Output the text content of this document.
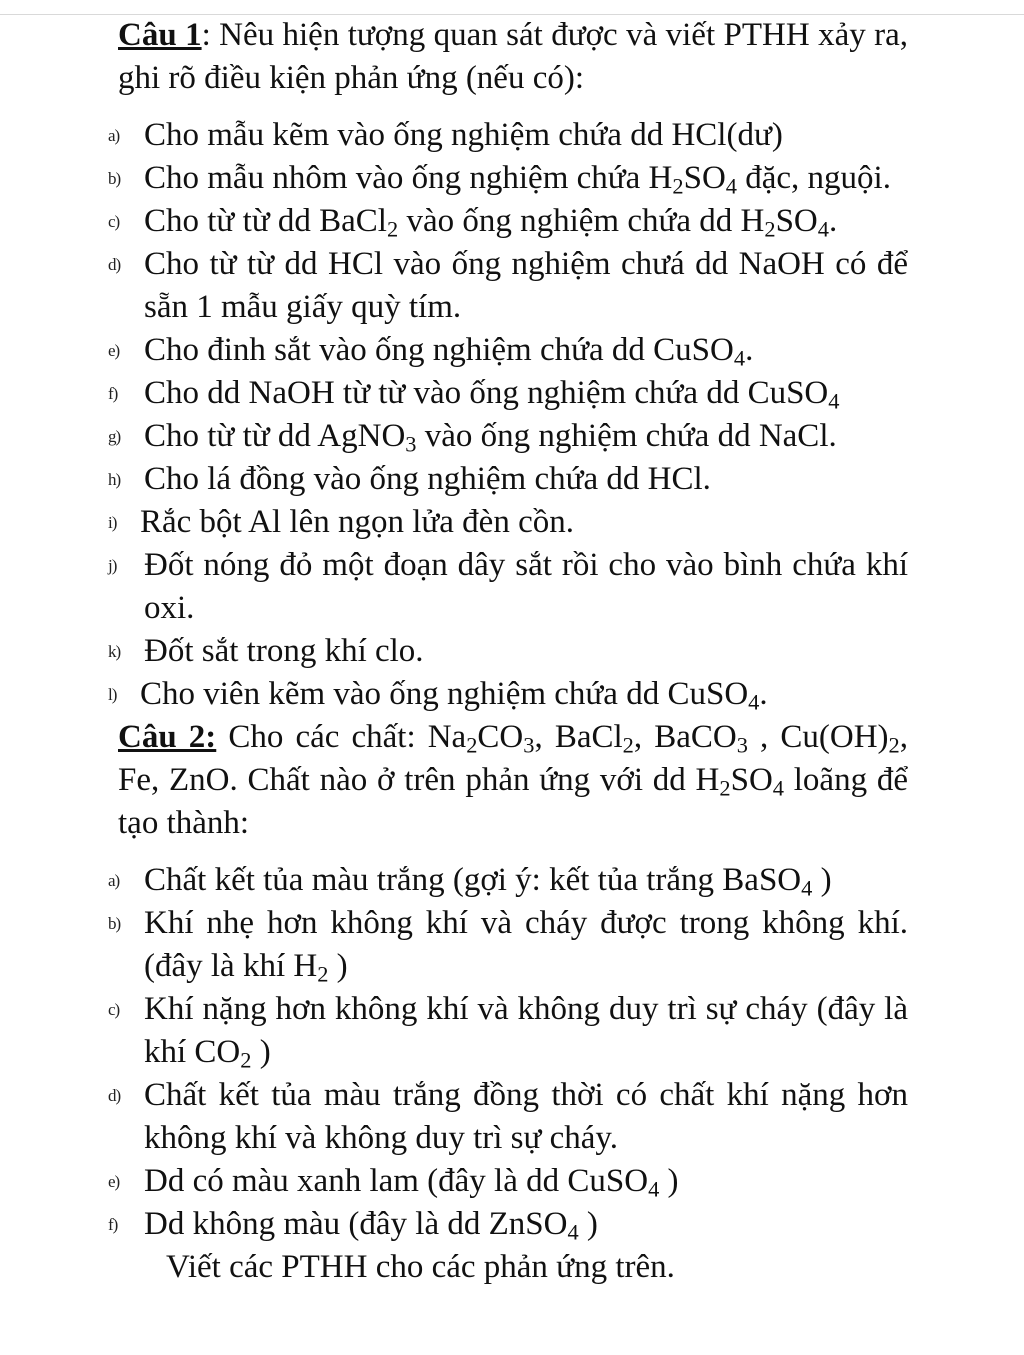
Câu 1: Nêu hiện tượng quan sát được và viết PTHH xảy ra, ghi rõ điều kiện phản ứng (nếu có):

a) Cho mẫu kẽm vào ống nghiệm chứa dd HCl(dư)
b) Cho mẫu nhôm vào ống nghiệm chứa $H_2SO_4$ đặc, nguội.
c) Cho từ từ dd BaCl$_2$ vào ống nghiệm chứa dd $H_2SO_4$.
d) Cho từ từ dd HCl vào ống nghiệm chưá dd NaOH có để sẵn 1 mẫu giấy quỳ tím.
e) Cho đinh sắt vào ống nghiệm chứa dd CuSO$_4$.
f) Cho dd NaOH từ từ vào ống nghiệm chứa dd CuSO$_4$
g) Cho từ từ dd AgNO$_3$ vào ống nghiệm chứa dd NaCl.
h) Cho lá đồng vào ống nghiệm chứa dd HCl.
i) Rắc bột Al lên ngọn lửa đèn cồn.
j) Đốt nóng đỏ một đoạn dây sắt rồi cho vào bình chứa khí oxi.
k) Đốt sắt trong khí clo.
l) Cho viên kẽm vào ống nghiệm chứa dd CuSO$_4$.

Câu 2: Cho các chất: $Na_2CO_3$, BaCl$_2$, BaCO$_3$ , $Cu(OH)_2$, Fe, ZnO. Chất nào ở trên phản ứng với dd $H_2SO_4$ loãng để tạo thành:

a) Chất kết tủa màu trắng (gợi ý: kết tủa trắng BaSO$_4$ )
b) Khí nhẹ hơn không khí và cháy được trong không khí. (đây là khí $H_2$ )
c) Khí nặng hơn không khí và không duy trì sự cháy (đây là khí $CO_2$ )
d) Chất kết tủa màu trắng đồng thời có chất khí nặng hơn không khí và không duy trì sự cháy.
e) Dd có màu xanh lam (đây là dd CuSO$_4$ )
f) Dd không màu (đây là dd ZnSO$_4$ )
Viết các PTHH cho các phản ứng trên.
